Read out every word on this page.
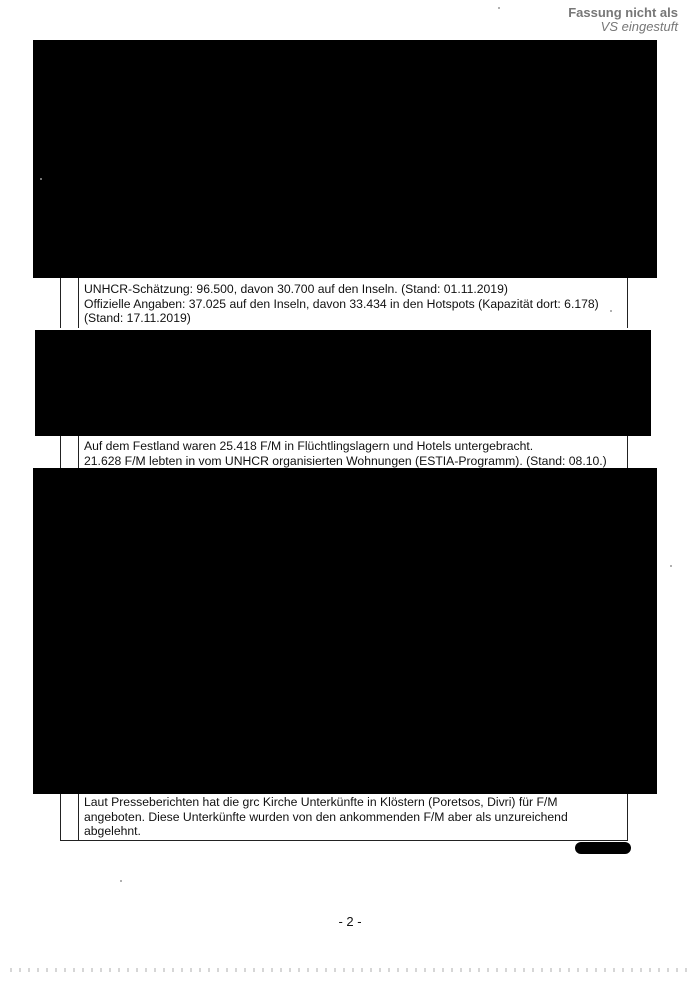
Fassung nicht als
VS eingestuft
UNHCR-Schätzung: 96.500, davon 30.700 auf den Inseln. (Stand: 01.11.2019)
Offizielle Angaben: 37.025 auf den Inseln, davon 33.434 in den Hotspots (Kapazität dort: 6.178)
(Stand: 17.11.2019)
Auf dem Festland waren 25.418 F/M in Flüchtlingslagern und Hotels untergebracht.
21.628 F/M lebten in vom UNHCR organisierten Wohnungen (ESTIA-Programm). (Stand: 08.10.)
Laut Presseberichten hat die grc Kirche Unterkünfte in Klöstern (Poretsos, Divri) für F/M
angeboten. Diese Unterkünfte wurden von den ankommenden F/M aber als unzureichend
abgelehnt.
- 2 -
